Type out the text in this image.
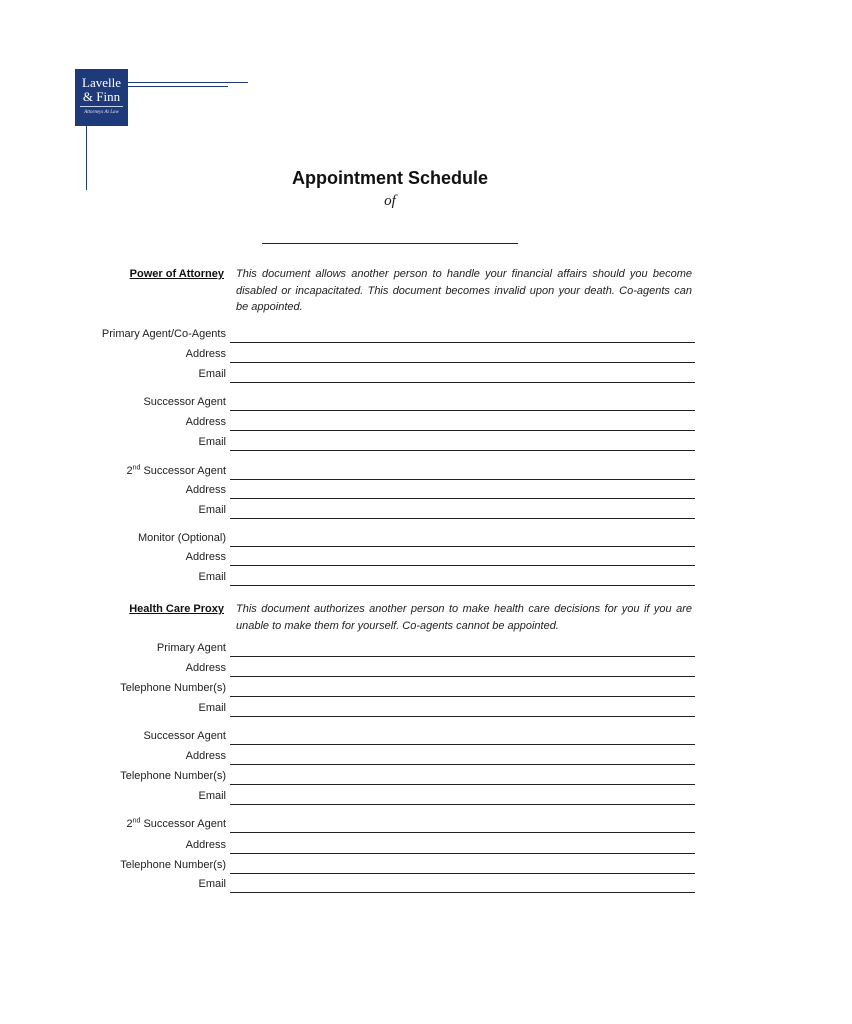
Lavelle
& Finn
Attorneys At Law
Appointment Schedule
of
Power of Attorney This document allows another person to handle your financial affairs should you become disabled or incapacitated. This document becomes invalid upon your death. Co-agents can be appointed.
Primary Agent/Co-Agents
Address
Email
Successor Agent
Address
Email
2nd Successor Agent
Address
Email
Monitor (Optional)
Address
Email
Health Care Proxy This document authorizes another person to make health care decisions for you if you are unable to make them for yourself. Co-agents cannot be appointed.
Primary Agent
Address
Telephone Number(s)
Email
Successor Agent
Address
Telephone Number(s)
Email
2nd Successor Agent
Address
Telephone Number(s)
Email
